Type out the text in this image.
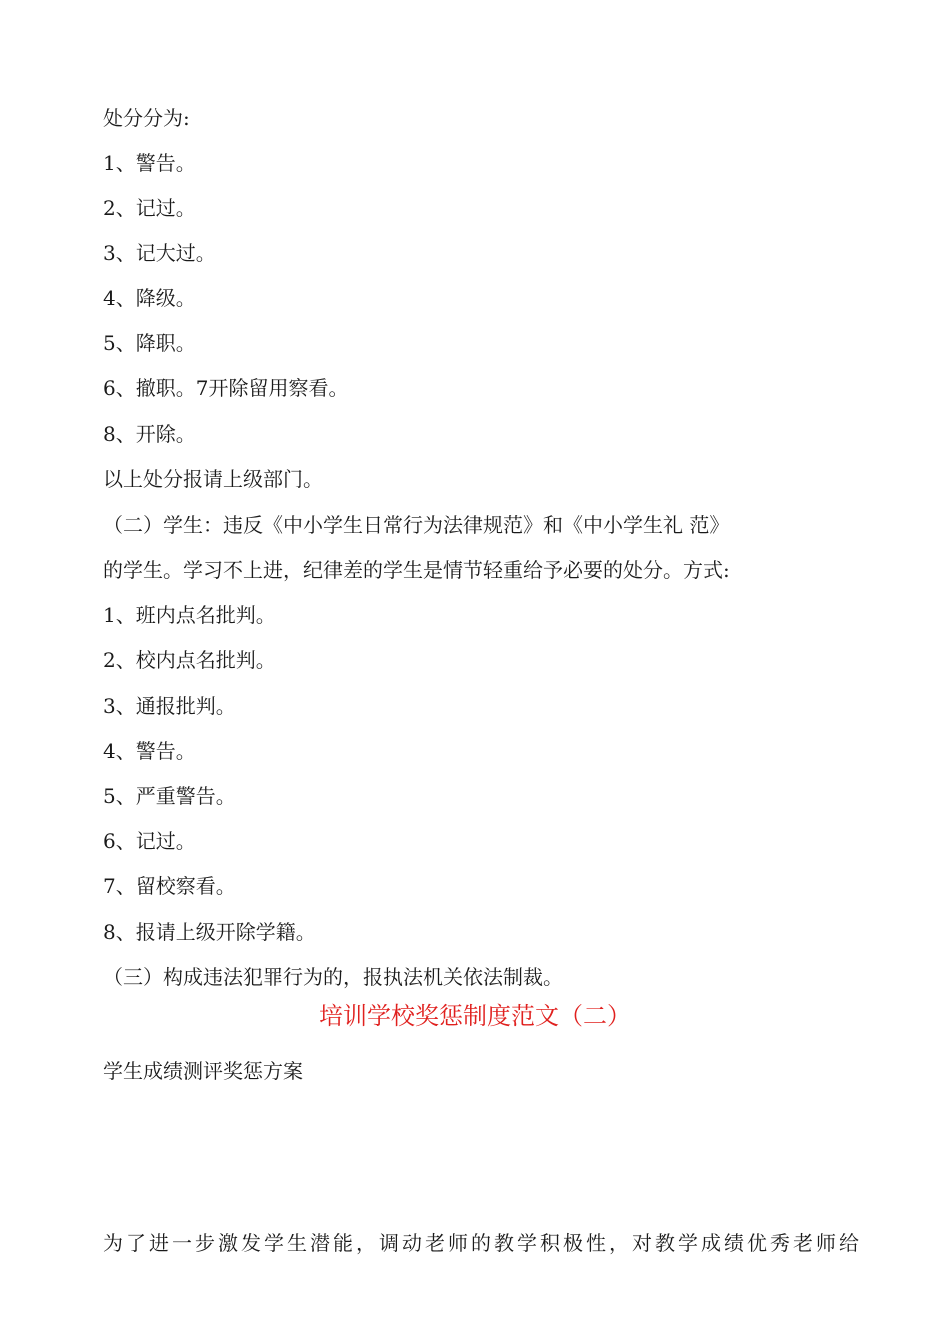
处分分为:
1、警告。
2、记过。
3、记大过。
4、降级。
5、降职。
6、撤职。7开除留用察看。
8、开除。
以上处分报请上级部门。
（二）学生：违反《中小学生日常行为法律规范》和《中小学生礼 范》
的学生。学习不上进，纪律差的学生是情节轻重给予必要的处分。方式:
1、班内点名批判。
2、校内点名批判。
3、通报批判。
4、警告。
5、严重警告。
6、记过。
7、留校察看。
8、报请上级开除学籍。
（三）构成违法犯罪行为的，报执法机关依法制裁。
培训学校奖惩制度范文（二）
学生成绩测评奖惩方案
为了进一步激发学生潜能，调动老师的教学积极性，对教学成绩优秀老师给
